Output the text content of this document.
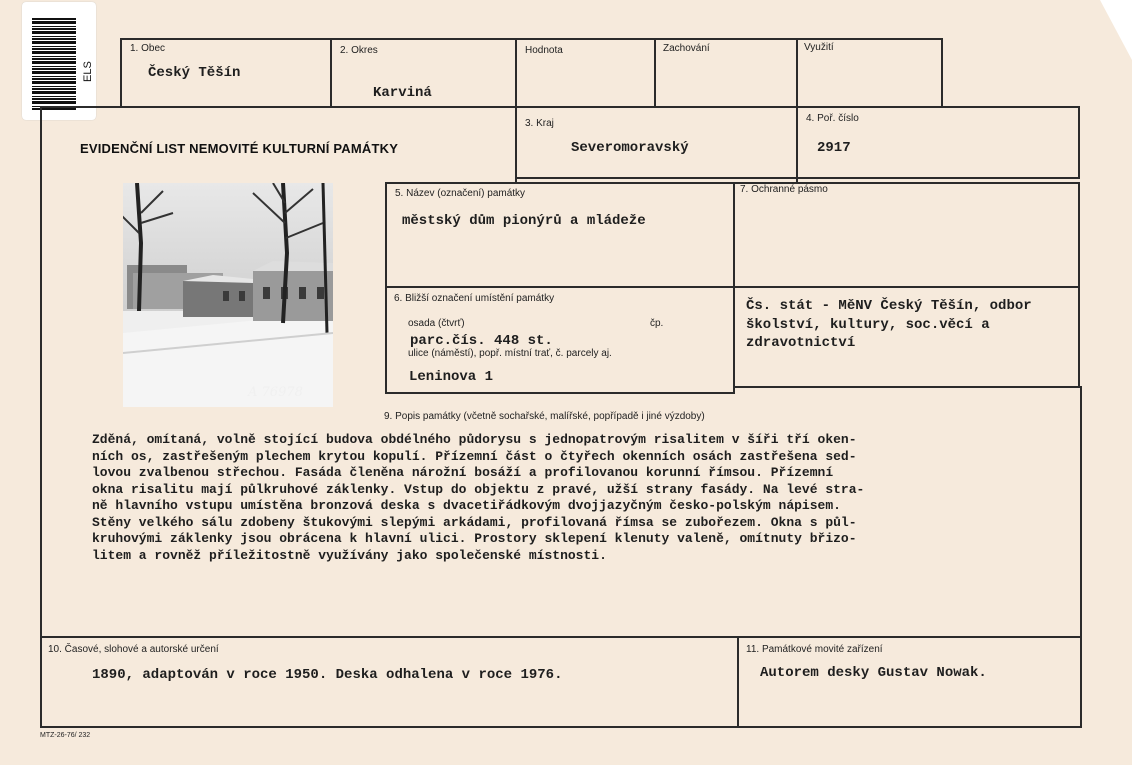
ELS
1. Obec
Český Těšín
2. Okres
Karviná
Hodnota	Zachování	Využití
EVIDENČNÍ LIST NEMOVITÉ KULTURNÍ PAMÁTKY
3. Kraj
Severomoravský
4. Poř. číslo
2917
A 76978
5. Název (označení) památky
městský dům pionýrů a mládeže
7. Ochranné pásmo
6. Bližší označení umístění památky
osada (čtvrť)	čp.
parc.čís. 448 st.
ulice (náměstí), popř. místní trať, č. parcely aj.
Leninova 1
Čs. stát - MěNV Český Těšín, odbor
školství, kultury, soc.věcí a
zdravotnictví
9. Popis památky (včetně sochařské, malířské, popřípadě i jiné výzdoby)
Zděná, omítaná, volně stojící budova obdélného půdorysu s jednopatrovým risalitem v šíři tří oken-
ních os, zastřešeným plechem krytou kopulí. Přízemní část o čtyřech okenních osách zastřešena sed-
lovou zvalbenou střechou. Fasáda členěna nárožní bosáží a profilovanou korunní římsou. Přízemní
okna risalitu mají půlkruhové záklenky. Vstup do objektu z pravé, užší strany fasády. Na levé stra-
ně hlavního vstupu umístěna bronzová deska s dvacetiřádkovým dvojjazyčným česko-polským nápisem.
Stěny velkého sálu zdobeny štukovými slepými arkádami, profilovaná římsa se zubořezem. Okna s půl-
kruhovými záklenky jsou obrácena k hlavní ulici. Prostory sklepení klenuty valeně, omítnuty břizo-
litem a rovněž příležitostně využívány jako společenské místnosti.
10. Časové, slohové a autorské určení
1890, adaptován v roce 1950. Deska odhalena v roce 1976.
11. Památkové movité zařízení
Autorem desky Gustav Nowak.
MTZ-26-76/ 232
